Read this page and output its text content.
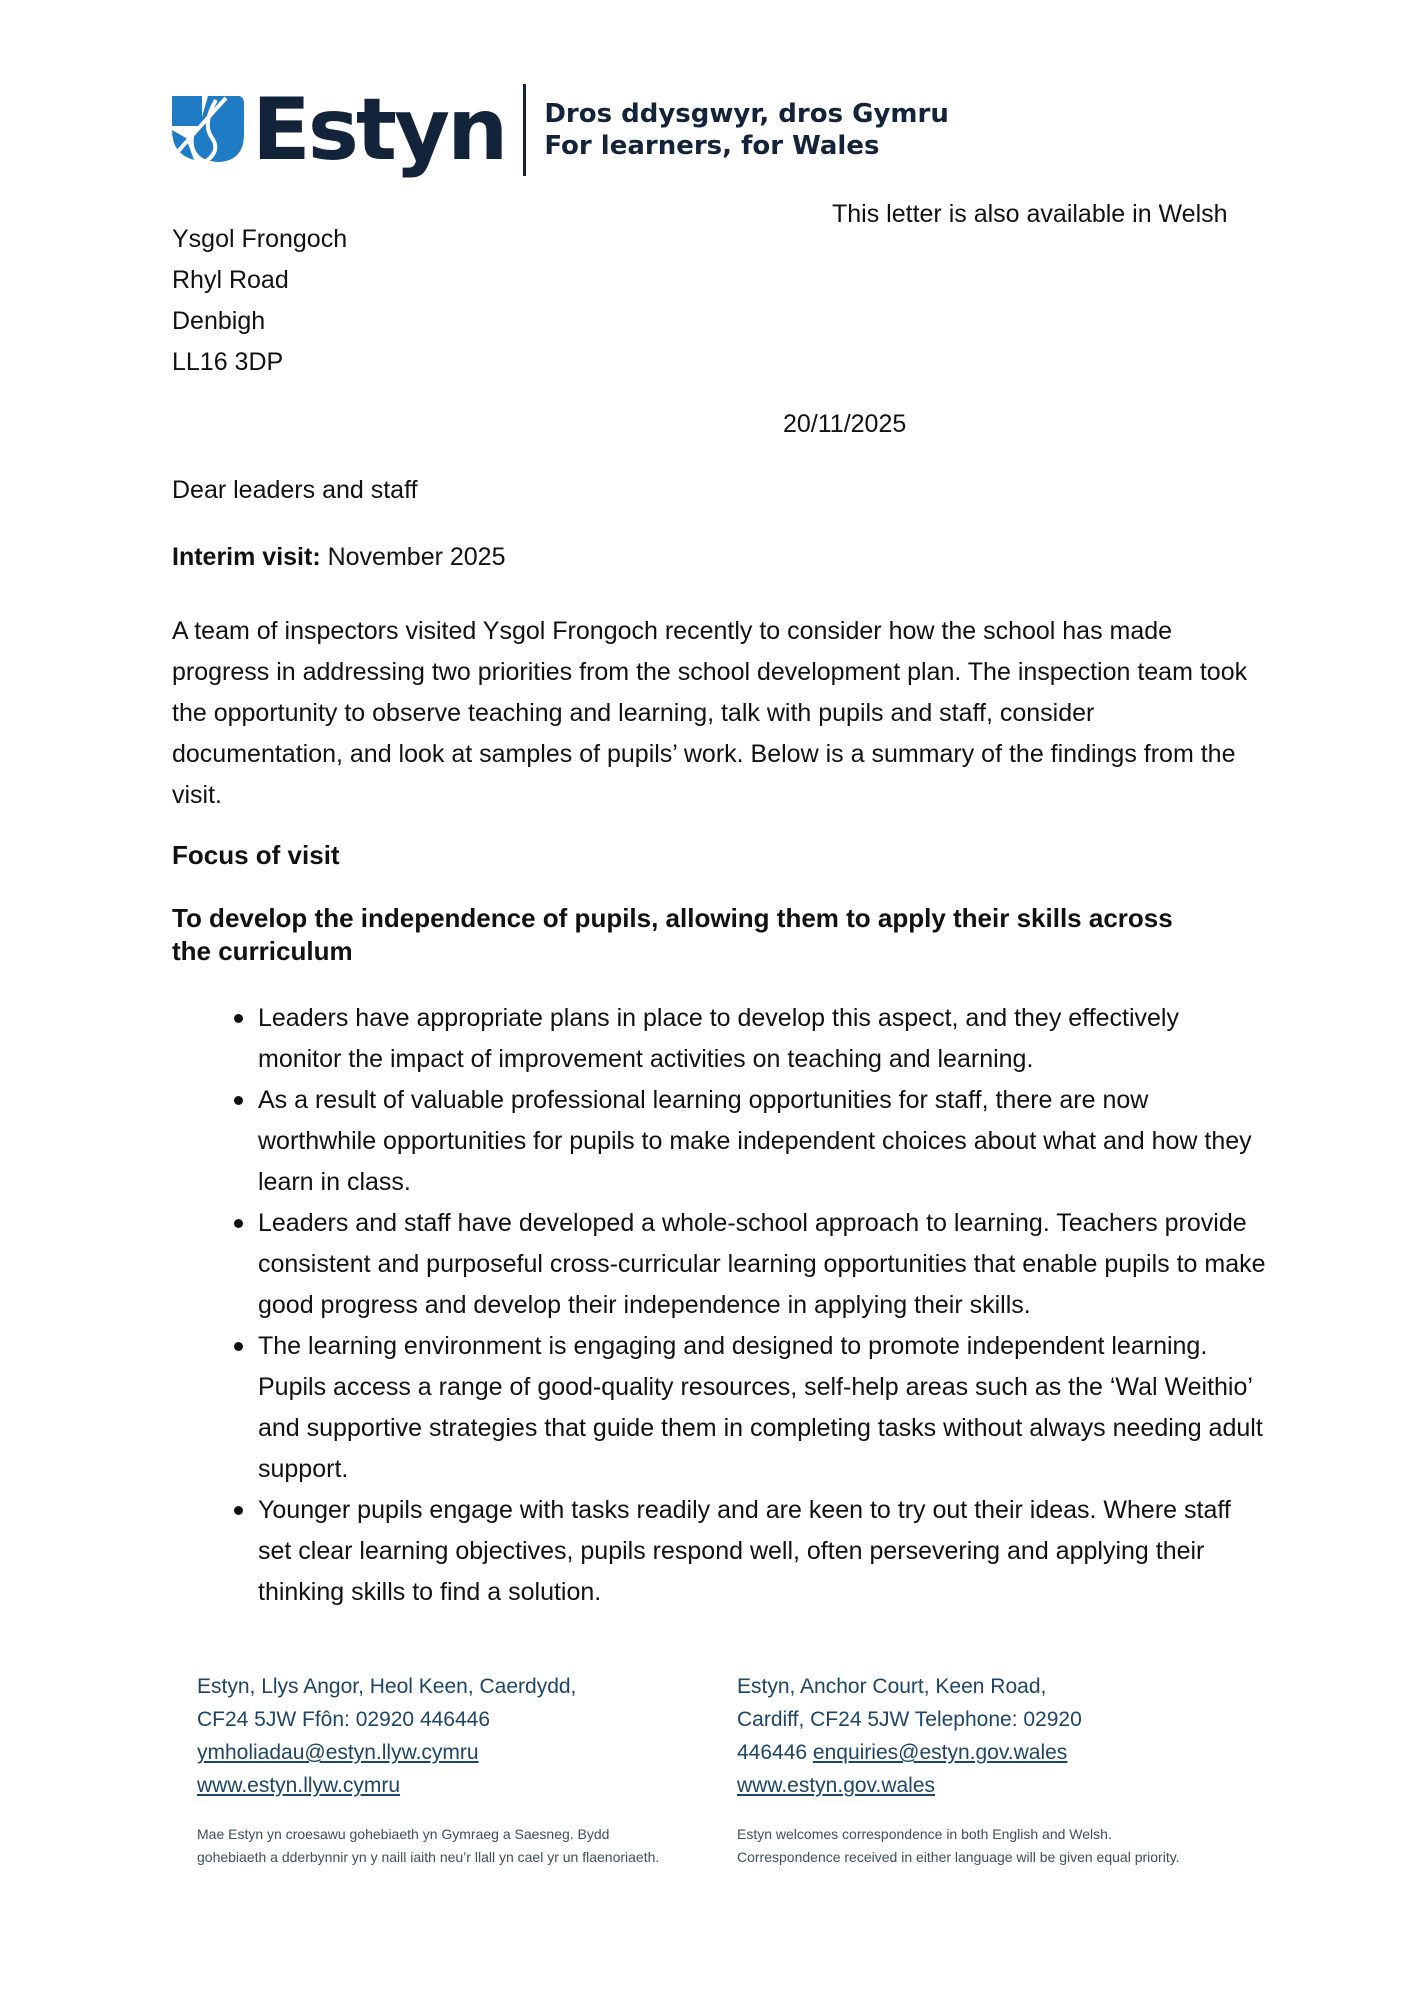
Estyn Dros ddysgwyr, dros Gymru
For learners, for Wales
This letter is also available in Welsh
Ysgol Frongoch
Rhyl Road
Denbigh
LL16 3DP
20/11/2025
Dear leaders and staff
Interim visit: November 2025
A team of inspectors visited Ysgol Frongoch recently to consider how the school has made progress in addressing two priorities from the school development plan. The inspection team took the opportunity to observe teaching and learning, talk with pupils and staff, consider documentation, and look at samples of pupils’ work. Below is a summary of the findings from the visit.
Focus of visit
To develop the independence of pupils, allowing them to apply their skills across the curriculum
Leaders have appropriate plans in place to develop this aspect, and they effectively monitor the impact of improvement activities on teaching and learning.
As a result of valuable professional learning opportunities for staff, there are now worthwhile opportunities for pupils to make independent choices about what and how they learn in class.
Leaders and staff have developed a whole-school approach to learning. Teachers provide consistent and purposeful cross-curricular learning opportunities that enable pupils to make good progress and develop their independence in applying their skills.
The learning environment is engaging and designed to promote independent learning. Pupils access a range of good-quality resources, self-help areas such as the ‘Wal Weithio’ and supportive strategies that guide them in completing tasks without always needing adult support.
Younger pupils engage with tasks readily and are keen to try out their ideas. Where staff set clear learning objectives, pupils respond well, often persevering and applying their thinking skills to find a solution.
Estyn, Llys Angor, Heol Keen, Caerdydd,
CF24 5JW Ffôn: 02920 446446
ymholiadau@estyn.llyw.cymru
www.estyn.llyw.cymru
Estyn, Anchor Court, Keen Road,
Cardiff, CF24 5JW Telephone: 02920
446446 enquiries@estyn.gov.wales
www.estyn.gov.wales
Mae Estyn yn croesawu gohebiaeth yn Gymraeg a Saesneg. Bydd gohebiaeth a dderbynnir yn y naill iaith neu’r llall yn cael yr un flaenoriaeth.
Estyn welcomes correspondence in both English and Welsh. Correspondence received in either language will be given equal priority.
